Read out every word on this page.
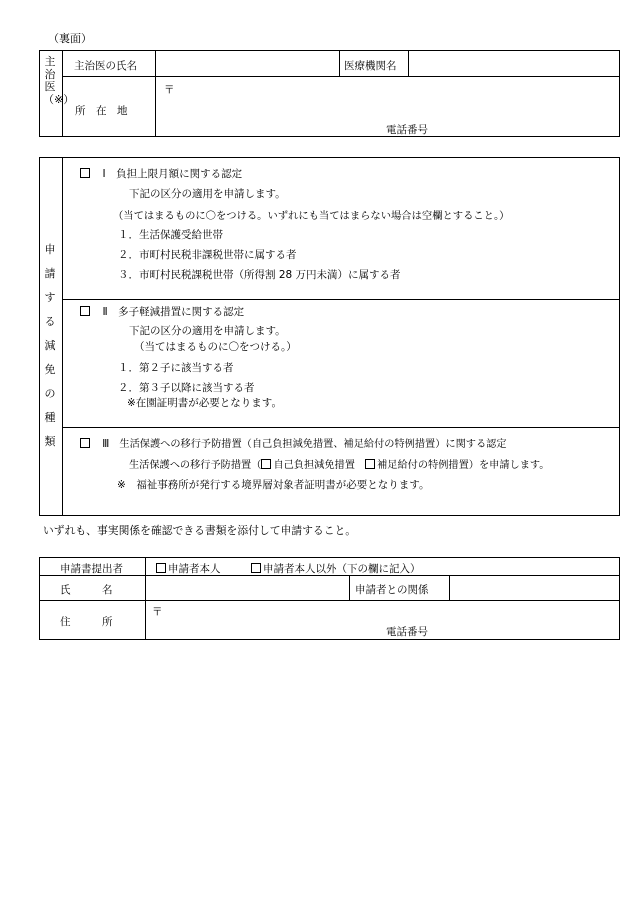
（裏面）
主治医（※）
主治医の氏名	医療機関名
所　在　地
〒
電話番号
申請する減免の種類
　Ⅰ　負担上限月額に関する認定
下記の区分の適用を申請します。
（当てはまるものに〇をつける。いずれにも当てはまらない場合は空欄とすること。）
１．生活保護受給世帯
２．市町村民税非課税世帯に属する者
３．市町村民税課税世帯（所得割 28 万円未満）に属する者
　Ⅱ　多子軽減措置に関する認定
下記の区分の適用を申請します。
（当てはまるものに〇をつける。）
１．第２子に該当する者
２．第３子以降に該当する者
※在園証明書が必要となります。
　Ⅲ　生活保護への移行予防措置（自己負担減免措置、補足給付の特例措置）に関する認定
生活保護への移行予防措置（ 自己負担減免措置　 補足給付の特例措置）を申請します。
※　 福祉事務所が発行する境界層対象者証明書が必要となります。
いずれも、事実関係を確認できる書類を添付して申請すること。
申請書提出者	申請者本人	申請者本人以外（下の欄に記入）
氏　　　名	申請者との関係
住　　　所
〒
電話番号
